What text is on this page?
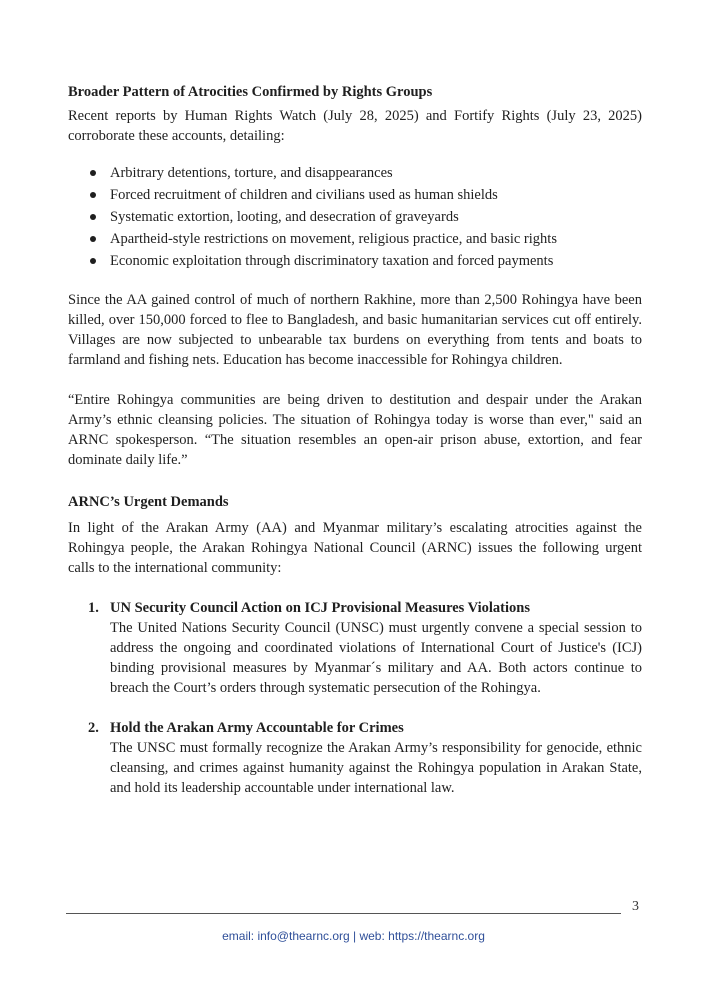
Broader Pattern of Atrocities Confirmed by Rights Groups

Recent reports by Human Rights Watch (July 28, 2025) and Fortify Rights (July 23, 2025) corroborate these accounts, detailing:

Arbitrary detentions, torture, and disappearances
Forced recruitment of children and civilians used as human shields
Systematic extortion, looting, and desecration of graveyards
Apartheid-style restrictions on movement, religious practice, and basic rights
Economic exploitation through discriminatory taxation and forced payments

Since the AA gained control of much of northern Rakhine, more than 2,500 Rohingya have been killed, over 150,000 forced to flee to Bangladesh, and basic humanitarian services cut off entirely. Villages are now subjected to unbearable tax burdens on everything from tents and boats to farmland and fishing nets. Education has become inaccessible for Rohingya children.

“Entire Rohingya communities are being driven to destitution and despair under the Arakan Army’s ethnic cleansing policies. The situation of Rohingya today is worse than ever," said an ARNC spokesperson. “The situation resembles an open-air prison abuse, extortion, and fear dominate daily life.”

ARNC’s Urgent Demands

In light of the Arakan Army (AA) and Myanmar military’s escalating atrocities against the Rohingya people, the Arakan Rohingya National Council (ARNC) issues the following urgent calls to the international community:

1. UN Security Council Action on ICJ Provisional Measures Violations

The United Nations Security Council (UNSC) must urgently convene a special session to address the ongoing and coordinated violations of International Court of Justice's (ICJ) binding provisional measures by Myanmar´s military and AA. Both actors continue to breach the Court’s orders through systematic persecution of the Rohingya.

2. Hold the Arakan Army Accountable for Crimes

The UNSC must formally recognize the Arakan Army’s responsibility for genocide, ethnic cleansing, and crimes against humanity against the Rohingya population in Arakan State, and hold its leadership accountable under international law.

3
email: info@thearnc.org | web: https://thearnc.org
